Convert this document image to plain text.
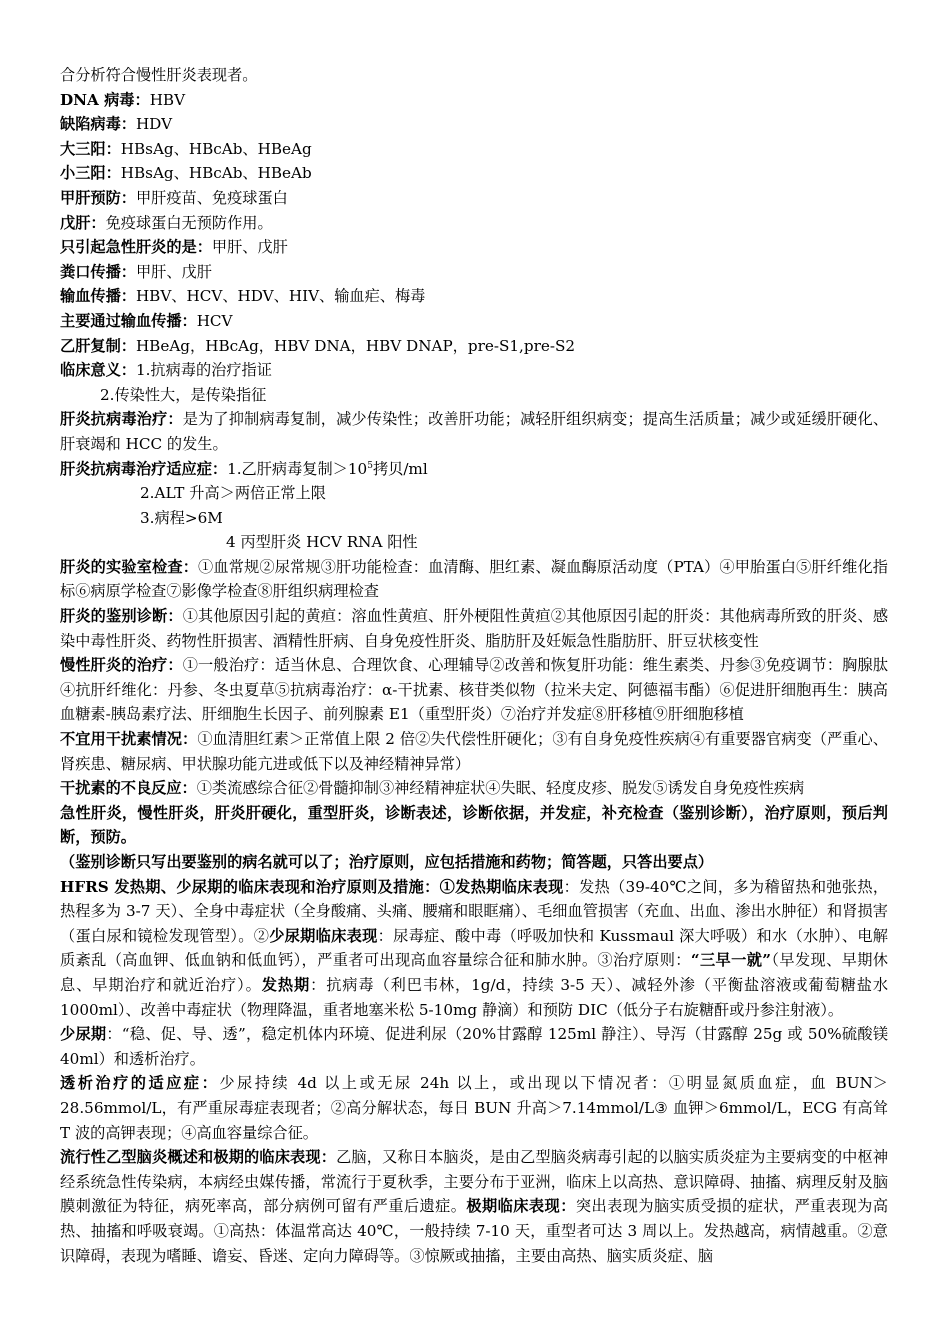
合分析符合慢性肝炎表现者。

DNA 病毒：HBV

缺陷病毒：HDV

大三阳：HBsAg、HBcAb、HBeAg

小三阳：HBsAg、HBcAb、HBeAb

甲肝预防：甲肝疫苗、免疫球蛋白

戊肝：免疫球蛋白无预防作用。

只引起急性肝炎的是：甲肝、戊肝

粪口传播：甲肝、戊肝

输血传播：HBV、HCV、HDV、HIV、输血疟、梅毒

主要通过输血传播：HCV

乙肝复制：HBeAg，HBcAg，HBV DNA，HBV DNAP，pre-S1,pre-S2

临床意义：1.抗病毒的治疗指证

2.传染性大，是传染指征

肝炎抗病毒治疗：是为了抑制病毒复制，减少传染性；改善肝功能；减轻肝组织病变；提高生活质量；减少或延缓肝硬化、肝衰竭和 HCC 的发生。

肝炎抗病毒治疗适应症：1.乙肝病毒复制$>10^5$拷贝/ml

2.ALT 升高＞两倍正常上限

3.病程>6M

4 丙型肝炎 HCV RNA 阳性

肝炎的实验室检查：①血常规②尿常规③肝功能检查：血清酶、胆红素、凝血酶原活动度（PTA）④甲胎蛋白⑤肝纤维化指标⑥病原学检查⑦影像学检查⑧肝组织病理检查

肝炎的鉴别诊断：①其他原因引起的黄疸：溶血性黄疸、肝外梗阻性黄疸②其他原因引起的肝炎：其他病毒所致的肝炎、感染中毒性肝炎、药物性肝损害、酒精性肝病、自身免疫性肝炎、脂肪肝及妊娠急性脂肪肝、肝豆状核变性

慢性肝炎的治疗：①一般治疗：适当休息、合理饮食、心理辅导②改善和恢复肝功能：维生素类、丹参③免疫调节：胸腺肽④抗肝纤维化：丹参、冬虫夏草⑤抗病毒治疗：α-干扰素、核苷类似物（拉米夫定、阿德福韦酯）⑥促进肝细胞再生：胰高血糖素-胰岛素疗法、肝细胞生长因子、前列腺素 E1（重型肝炎）⑦治疗并发症⑧肝移植⑨肝细胞移植

不宜用干扰素情况：①血清胆红素＞正常值上限 2 倍②失代偿性肝硬化；③有自身免疫性疾病④有重要器官病变（严重心、肾疾患、糖尿病、甲状腺功能亢进或低下以及神经精神异常）

干扰素的不良反应：①类流感综合征②骨髓抑制③神经精神症状④失眠、轻度皮疹、脱发⑤诱发自身免疫性疾病

急性肝炎，慢性肝炎，肝炎肝硬化，重型肝炎，诊断表述，诊断依据，并发症，补充检查（鉴别诊断），治疗原则，预后判断，预防。

（鉴别诊断只写出要鉴别的病名就可以了；治疗原则，应包括措施和药物；简答题，只答出要点）

HFRS 发热期、少尿期的临床表现和治疗原则及措施：①发热期临床表现：发热（39-40℃之间，多为稽留热和弛张热，热程多为 3-7 天）、全身中毒症状（全身酸痛、头痛、腰痛和眼眶痛）、毛细血管损害（充血、出血、渗出水肿征）和肾损害（蛋白尿和镜检发现管型）。②少尿期临床表现：尿毒症、酸中毒（呼吸加快和 Kussmaul 深大呼吸）和水（水肿）、电解质紊乱（高血钾、低血钠和低血钙），严重者可出现高血容量综合征和肺水肿。③治疗原则：“三早一就”（早发现、早期休息、早期治疗和就近治疗）。发热期：抗病毒（利巴韦林，1g/d，持续 3-5 天）、减轻外渗（平衡盐溶液或葡萄糖盐水 1000ml）、改善中毒症状（物理降温，重者地塞米松 5-10mg 静滴）和预防 DIC（低分子右旋糖酐或丹参注射液）。

少尿期：“稳、促、导、透”，稳定机体内环境、促进利尿（20%甘露醇 125ml 静注）、导泻（甘露醇 25g 或 50%硫酸镁 40ml）和透析治疗。

透析治疗的适应症：少尿持续 4d 以上或无尿 24h 以上，或出现以下情况者：①明显氮质血症，血 BUN＞28.56mmol/L，有严重尿毒症表现者；②高分解状态，每日 BUN 升高＞7.14mmol/L③ 血钾＞6mmol/L，ECG 有高耸 T 波的高钾表现；④高血容量综合征。

流行性乙型脑炎概述和极期的临床表现：乙脑，又称日本脑炎，是由乙型脑炎病毒引起的以脑实质炎症为主要病变的中枢神经系统急性传染病，本病经虫媒传播，常流行于夏秋季，主要分布于亚洲，临床上以高热、意识障碍、抽搐、病理反射及脑膜刺激征为特征，病死率高，部分病例可留有严重后遗症。极期临床表现：突出表现为脑实质受损的症状，严重表现为高热、抽搐和呼吸衰竭。①高热：体温常高达 40℃，一般持续 7-10 天，重型者可达 3 周以上。发热越高，病情越重。②意识障碍，表现为嗜睡、谵妄、昏迷、定向力障碍等。③惊厥或抽搐，主要由高热、脑实质炎症、脑
